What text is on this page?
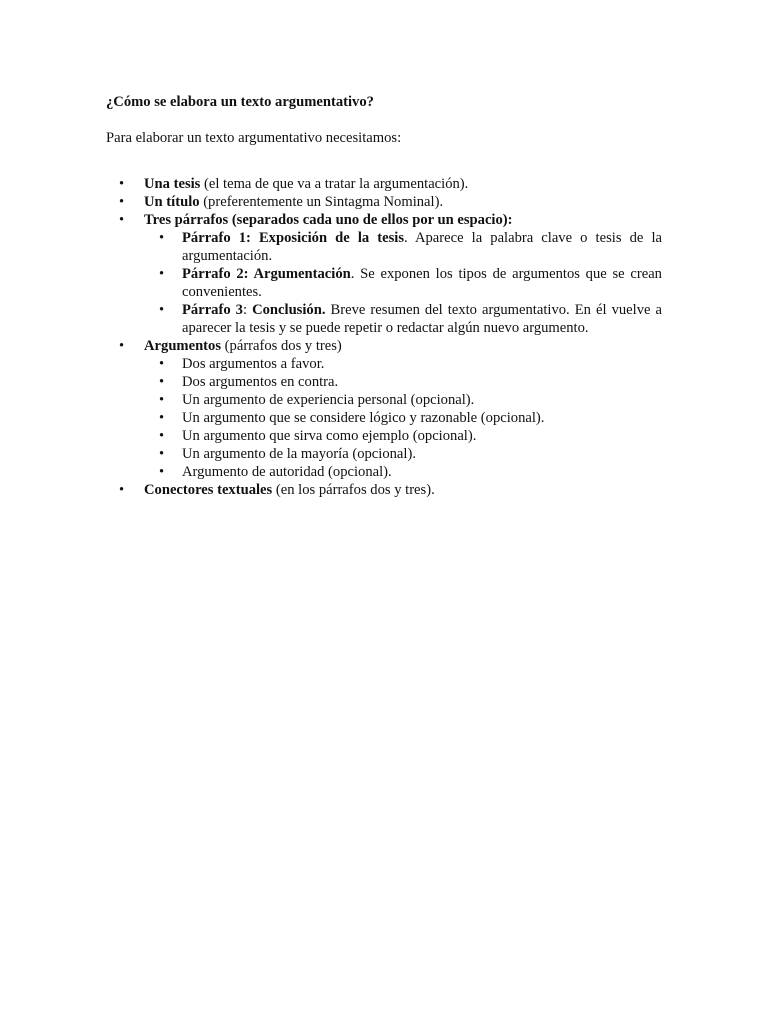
¿Cómo se elabora un texto argumentativo?

Para elaborar un texto argumentativo necesitamos:

• Una tesis (el tema de que va a tratar la argumentación).
• Un título (preferentemente un Sintagma Nominal).
• Tres párrafos (separados cada uno de ellos por un espacio):
• Párrafo 1: Exposición de la tesis. Aparece la palabra clave o tesis de la argumentación.
• Párrafo 2: Argumentación. Se exponen los tipos de argumentos que se crean convenientes.
• Párrafo 3: Conclusión. Breve resumen del texto argumentativo. En él vuelve a aparecer la tesis y se puede repetir o redactar algún nuevo argumento.
• Argumentos (párrafos dos y tres)
• Dos argumentos a favor.
• Dos argumentos en contra.
• Un argumento de experiencia personal (opcional).
• Un argumento que se considere lógico y razonable (opcional).
• Un argumento que sirva como ejemplo (opcional).
• Un argumento de la mayoría (opcional).
• Argumento de autoridad (opcional).
• Conectores textuales (en los párrafos dos y tres).
